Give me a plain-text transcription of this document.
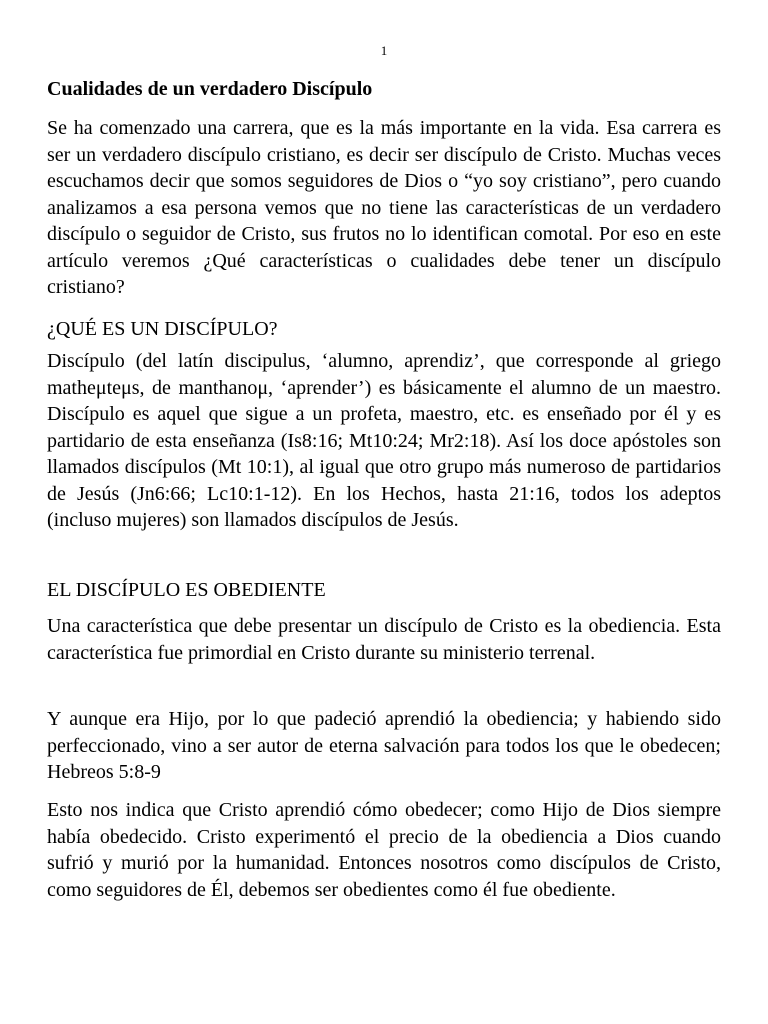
1
Cualidades de un verdadero Discípulo

Se ha comenzado una carrera, que es la más importante en la vida. Esa carrera es ser un verdadero discípulo cristiano, es decir ser discípulo de Cristo. Muchas veces escuchamos decir que somos seguidores de Dios o “yo soy cristiano”, pero cuando analizamos a esa persona vemos que no tiene las características de un verdadero discípulo o seguidor de Cristo, sus frutos no lo identifican comotal. Por eso en este artículo veremos ¿Qué características o cualidades debe tener un discípulo cristiano?

¿QUÉ ES UN DISCÍPULO?

Discípulo (del latín discipulus, ‘alumno, aprendiz’, que corresponde al griego matheμteμs, de manthanoμ, ‘aprender’) es básicamente el alumno de un maestro. Discípulo es aquel que sigue a un profeta, maestro, etc. es enseñado por él y es partidario de esta enseñanza (Is8:16; Mt10:24; Mr2:18). Así los doce apóstoles son llamados discípulos (Mt 10:1), al igual que otro grupo más numeroso de partidarios de Jesús (Jn6:66; Lc10:1-12). En los Hechos, hasta 21:16, todos los adeptos (incluso mujeres) son llamados discípulos de Jesús.

EL DISCÍPULO ES OBEDIENTE

Una característica que debe presentar un discípulo de Cristo es la obediencia. Esta característica fue primordial en Cristo durante su ministerio terrenal.

Y aunque era Hijo, por lo que padeció aprendió la obediencia; y habiendo sido perfeccionado, vino a ser autor de eterna salvación para todos los que le obedecen; Hebreos 5:8-9

Esto nos indica que Cristo aprendió cómo obedecer; como Hijo de Dios siempre había obedecido. Cristo experimentó el precio de la obediencia a Dios cuando sufrió y murió por la humanidad. Entonces nosotros como discípulos de Cristo, como seguidores de Él, debemos ser obedientes como él fue obediente.
